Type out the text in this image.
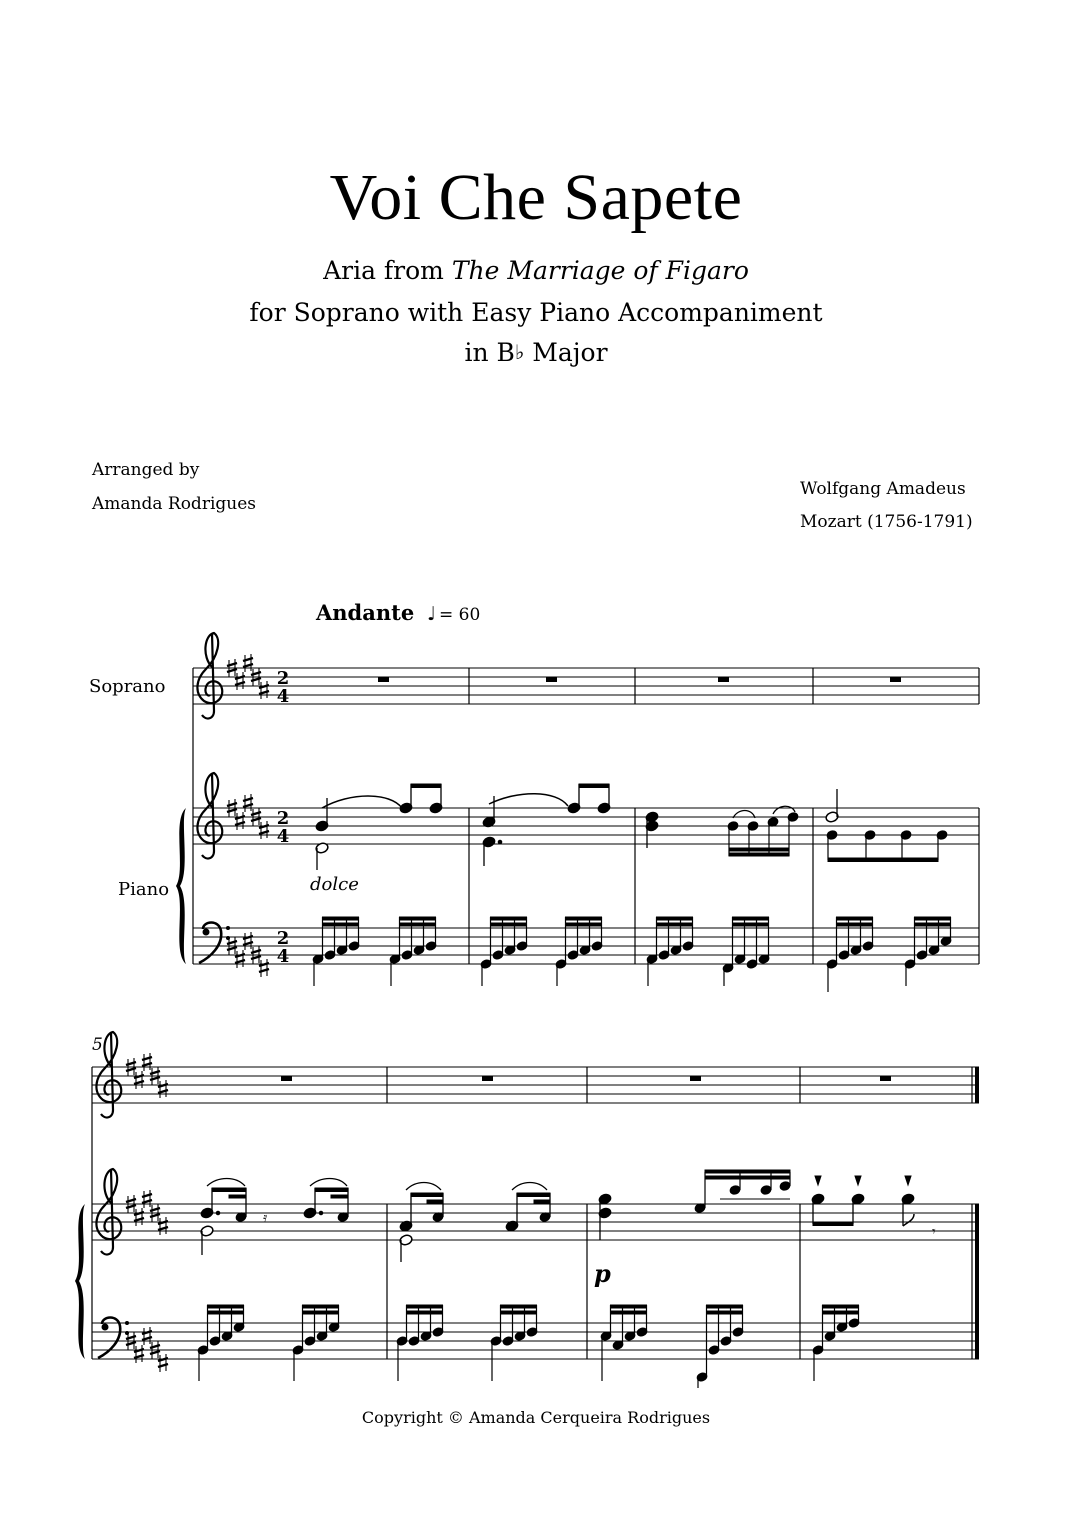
Voi Che Sapete
Aria from The Marriage of Figaro
for Soprano with Easy Piano Accompaniment
in B♭ Major
Arranged by
Amanda Rodrigues
Wolfgang Amadeus
Mozart (1756-1791)
Andante ♩ = 60
Soprano
Piano
2
4
2
4
2
4
dolce
5
𝄿
p
𝄾
Copyright © Amanda Cerqueira Rodrigues
